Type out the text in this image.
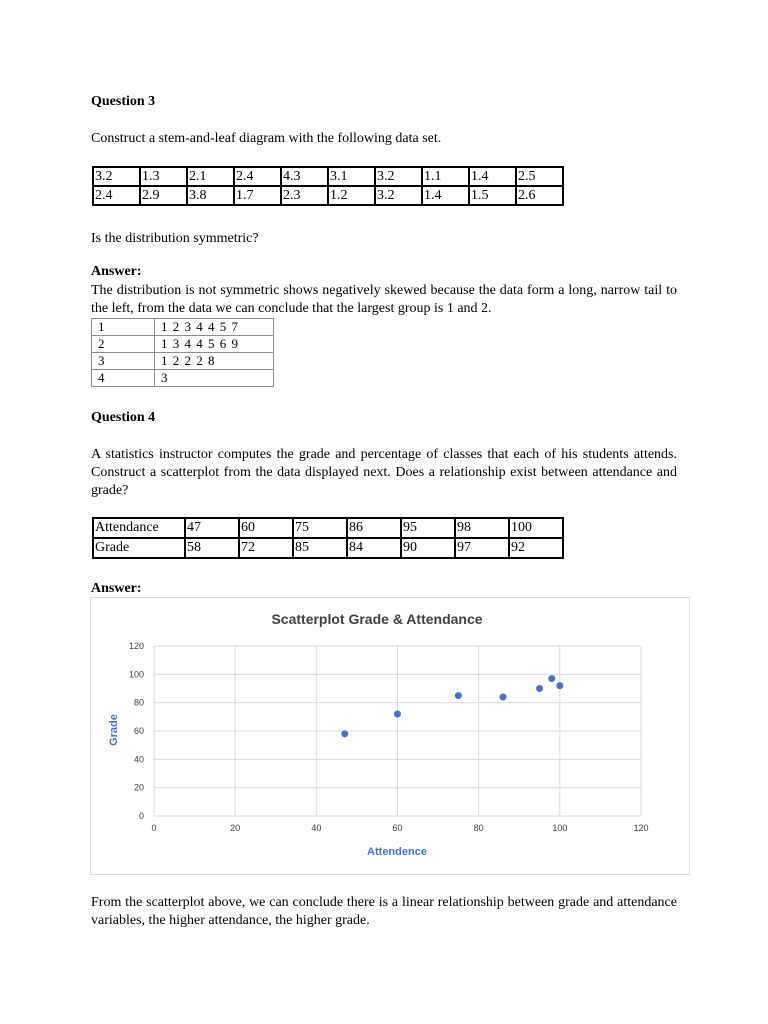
Question 3

Construct a stem-and-leaf diagram with the following data set.

3.2	1.3	2.1	2.4	4.3	3.1	3.2	1.1	1.4	2.5
2.4	2.9	3.8	1.7	2.3	1.2	3.2	1.4	1.5	2.6

Is the distribution symmetric?

Answer:

The distribution is not symmetric shows negatively skewed because the data form a long, narrow tail to the left, from the data we can conclude that the largest group is 1 and 2.

1	1 2 3 4 4 5 7
2	1 3 4 4 5 6 9
3	1 2 2 2 8
4	3
Question 4

A statistics instructor computes the grade and percentage of classes that each of his students attends. Construct a scatterplot from the data displayed next. Does a relationship exist between attendance and grade?

Attendance	47	60	75	86	95	98	100
Grade	58	72	85	84	90	97	92
Answer:
Scatterplot Grade & Attendance
0
20
40
60
80
100
120
0	20	40	60	80	100	120
Grade
Attendence

From the scatterplot above, we can conclude there is a linear relationship between grade and attendance variables, the higher attendance, the higher grade.
